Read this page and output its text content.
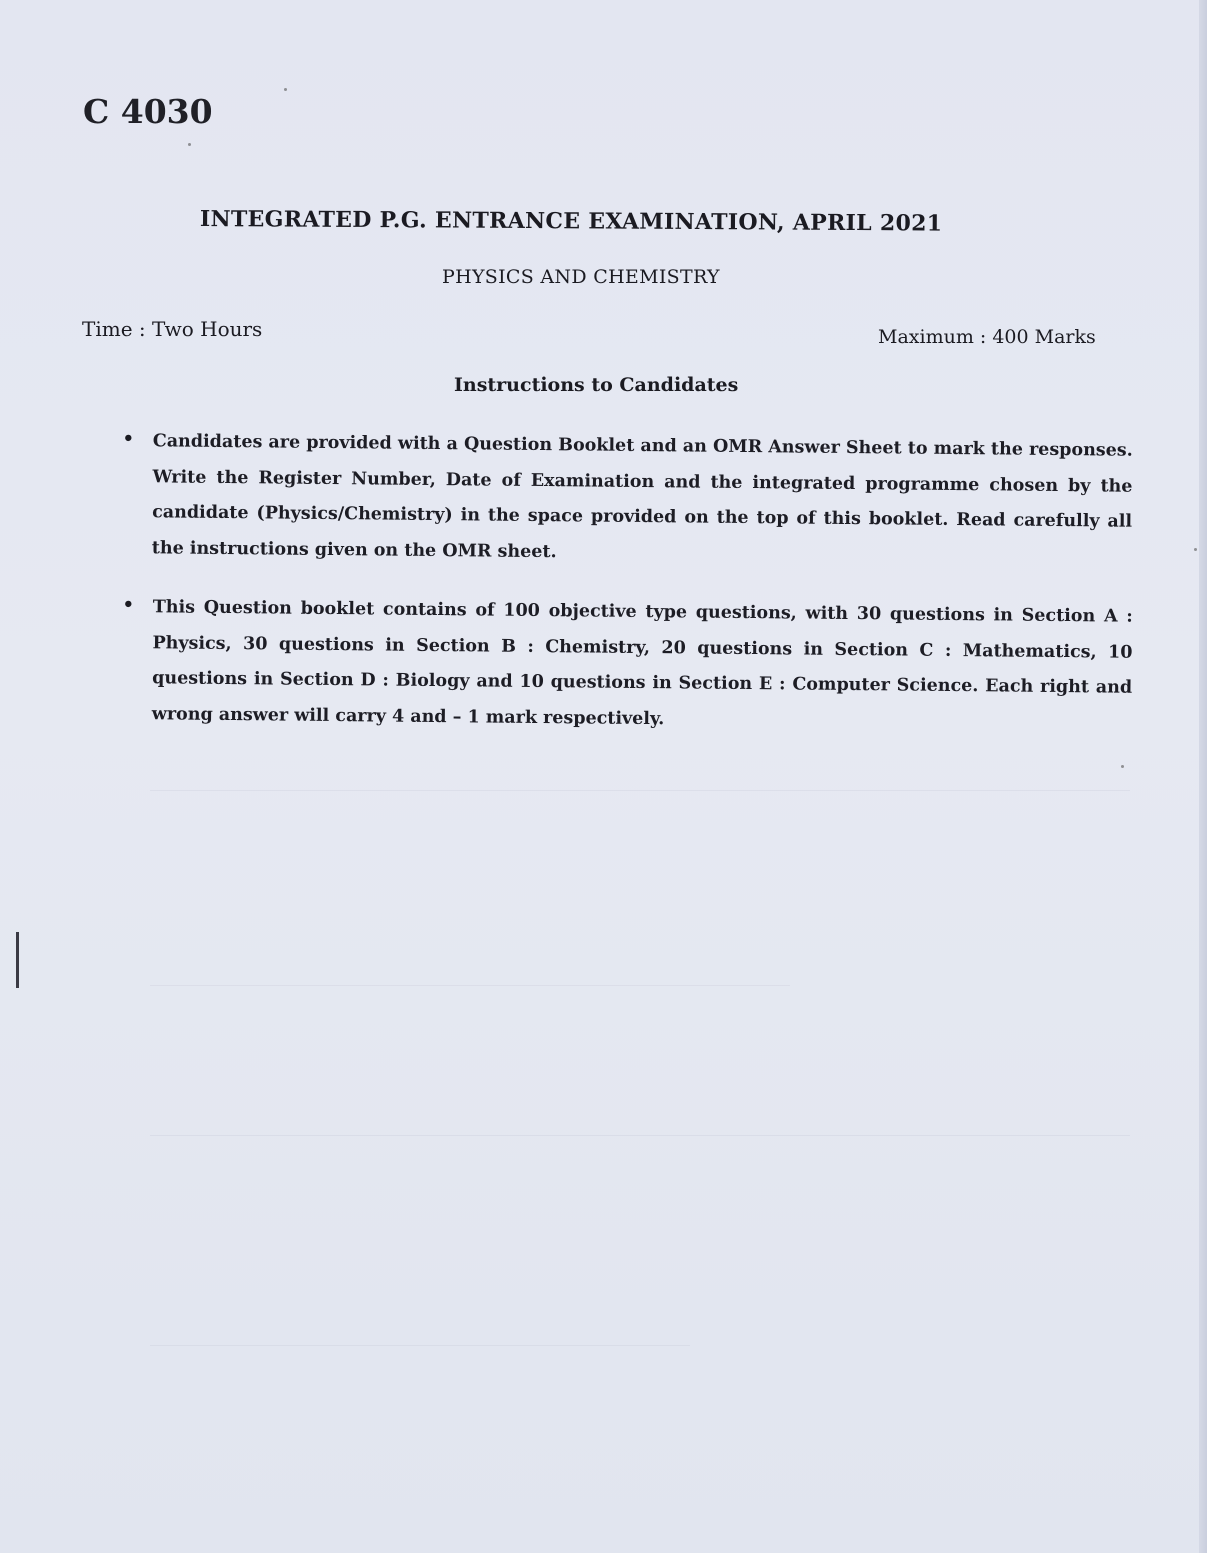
C 4030
INTEGRATED P.G. ENTRANCE EXAMINATION, APRIL 2021
PHYSICS AND CHEMISTRY
Time : Two Hours	Maximum : 400 Marks
Instructions to Candidates
• Candidates are provided with a Question Booklet and an OMR Answer Sheet to mark the responses. Write the Register Number, Date of Examination and the integrated programme chosen by the candidate (Physics/Chemistry) in the space provided on the top of this booklet. Read carefully all the instructions given on the OMR sheet.
• This Question booklet contains of 100 objective type questions, with 30 questions in Section A : Physics, 30 questions in Section B : Chemistry, 20 questions in Section C : Mathematics, 10 questions in Section D : Biology and 10 questions in Section E : Computer Science. Each right and wrong answer will carry 4 and – 1 mark respectively.
